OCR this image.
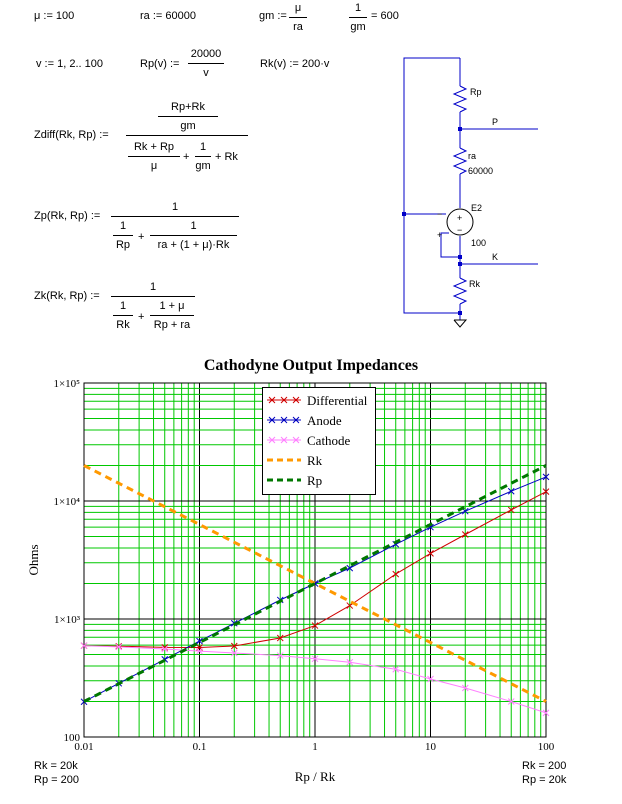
μ := 100	ra := 60000	gm :=
μ
ra
1
gm
= 600
v := 1, 2.. 100	Rp(v) :=
20000
v
Rk(v) := 200·v
Zdiff(Rk, Rp) :=
Rp+Rk
gm
Rk + Rp
μ
+
1
gm
+ Rk
Zp(Rk, Rp) :=
1
1
Rp
+
1
ra + (1 + μ)·Rk
Zk(Rk, Rp) :=
1
1
Rk
+
1 + μ
Rp + ra
Rp
P
ra
60000
E2
+
−
−
+
100
K
Rk
Cathodyne Output Impedances
0.01	0.1	1	10	100
100
1×10³
1×10⁴
1×10⁵
Rp / Rk
Ohms
Differential
Anode
Cathode
Rk
Rp
Rk = 20k
Rp = 200
Rk = 200
Rp = 20k
